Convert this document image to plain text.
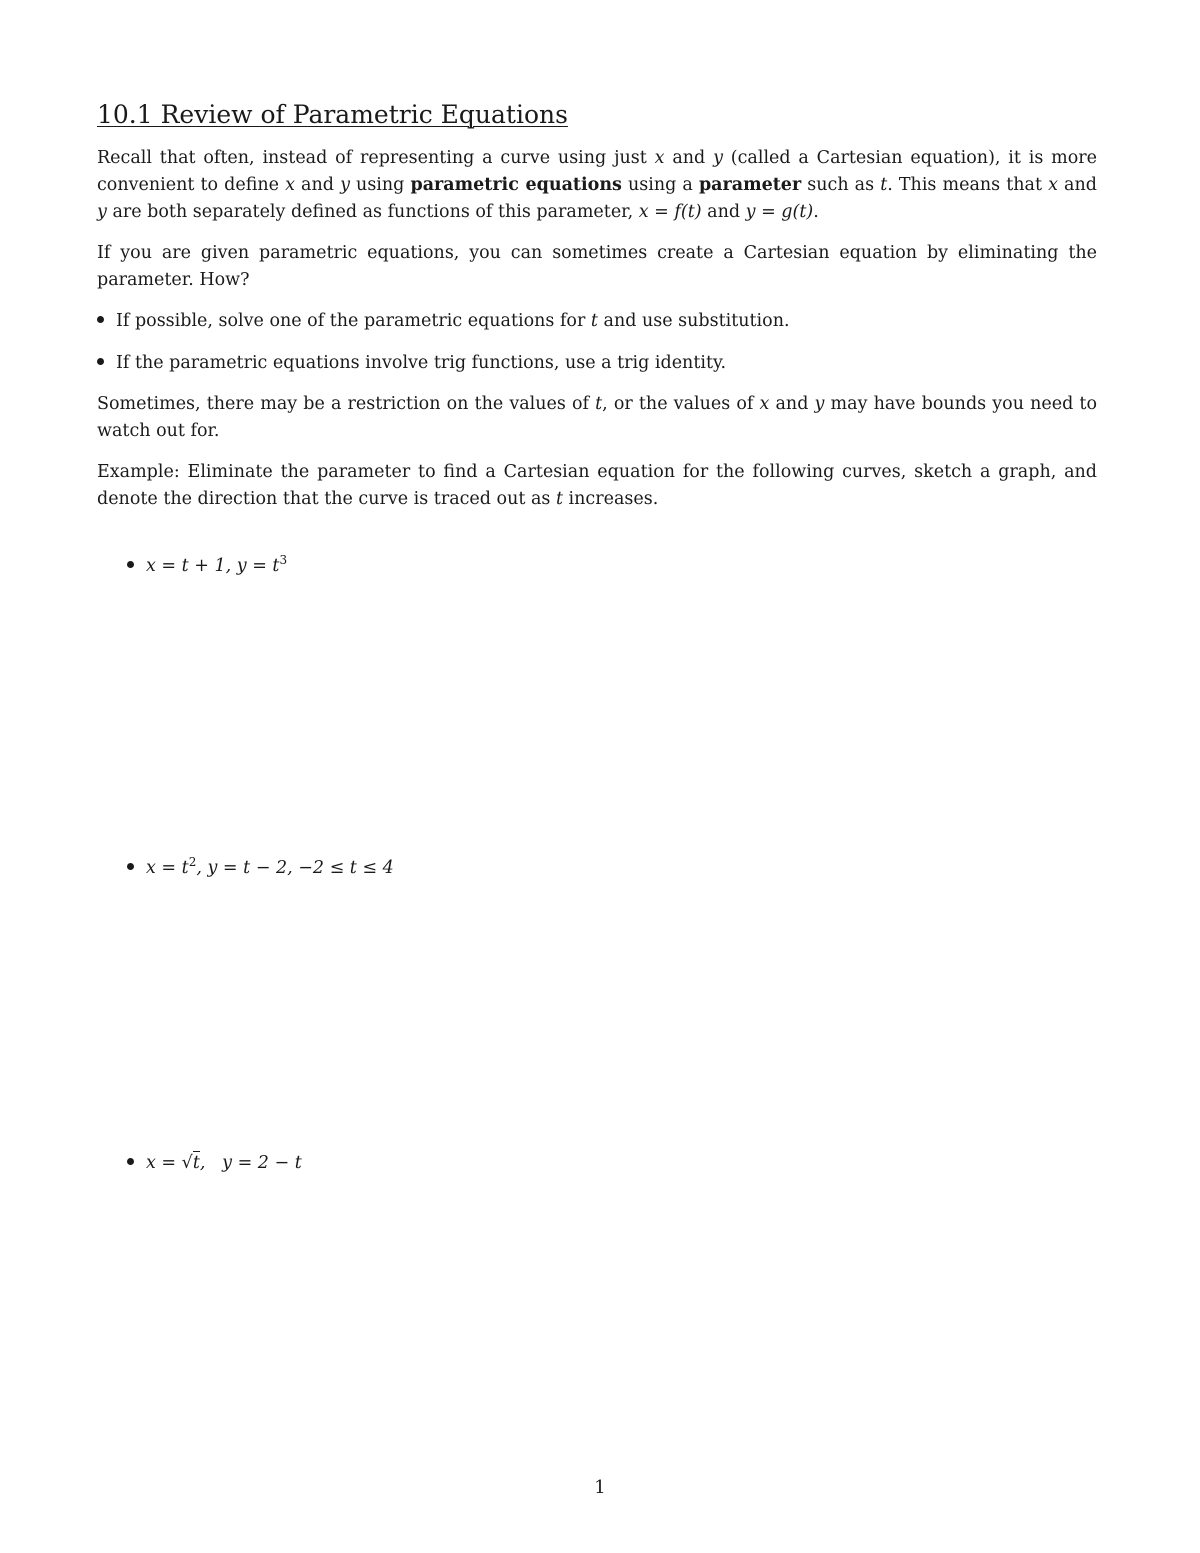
10.1 Review of Parametric Equations

Recall that often, instead of representing a curve using just x and y (called a Cartesian equation), it is more convenient to define x and y using parametric equations using a parameter such as t. This means that x and y are both separately defined as functions of this parameter, x = f(t) and y = g(t).

If you are given parametric equations, you can sometimes create a Cartesian equation by eliminating the parameter. How?

If possible, solve one of the parametric equations for t and use substitution.

If the parametric equations involve trig functions, use a trig identity.

Sometimes, there may be a restriction on the values of t, or the values of x and y may have bounds you need to watch out for.

Example: Eliminate the parameter to find a Cartesian equation for the following curves, sketch a graph, and denote the direction that the curve is traced out as t increases.

x = t + 1, $y = t^3$

$x = t^2$, y = t − 2, −2 ≤ t ≤ 4

x = √t,   y = 2 − t

1
